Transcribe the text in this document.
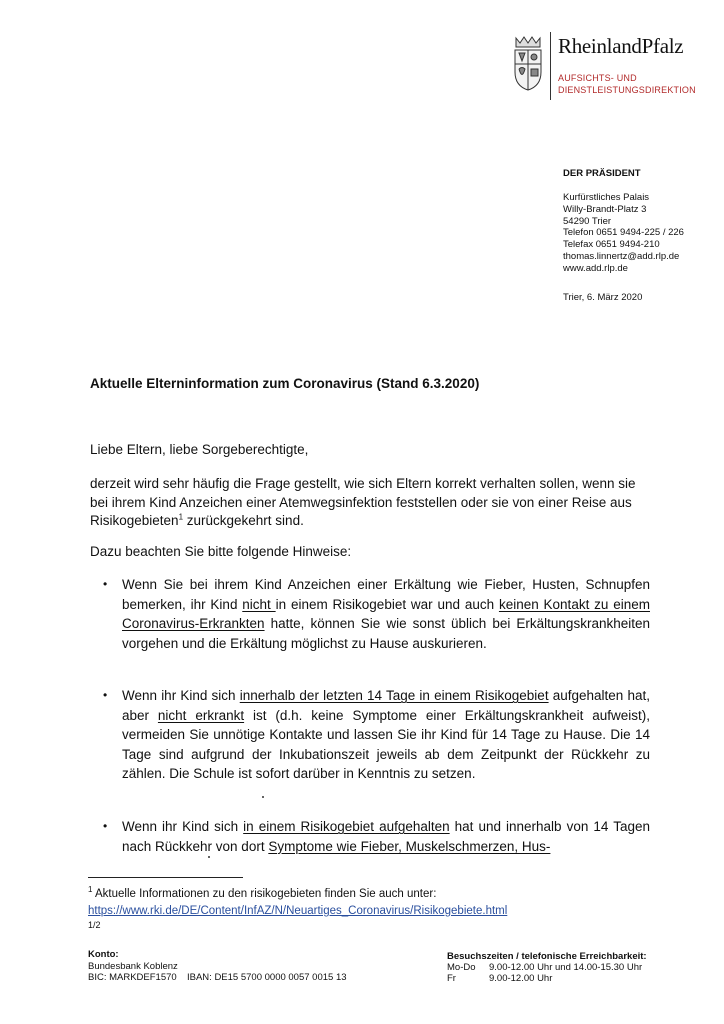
RheinlandPfalz
AUFSICHTS- UND
DIENSTLEISTUNGSDIREKTION
DER PRÄSIDENT
Kurfürstliches Palais
Willy-Brandt-Platz 3
54290 Trier
Telefon 0651 9494-225 / 226
Telefax 0651 9494-210
thomas.linnertz@add.rlp.de
www.add.rlp.de
Trier, 6. März 2020
Aktuelle Elterninformation zum Coronavirus (Stand 6.3.2020)
Liebe Eltern, liebe Sorgeberechtigte,
derzeit wird sehr häufig die Frage gestellt, wie sich Eltern korrekt verhalten sollen, wenn sie bei ihrem Kind Anzeichen einer Atemwegsinfektion feststellen oder sie von einer Reise aus Risikogebieten$^1$ zurückgekehrt sind.
Dazu beachten Sie bitte folgende Hinweise:
• Wenn Sie bei ihrem Kind Anzeichen einer Erkältung wie Fieber, Husten, Schnupfen bemerken, ihr Kind nicht in einem Risikogebiet war und auch keinen Kontakt zu einem Coronavirus-Erkrankten hatte, können Sie wie sonst üblich bei Erkältungskrankheiten vorgehen und die Erkältung möglichst zu Hause auskurieren.
• Wenn ihr Kind sich innerhalb der letzten 14 Tage in einem Risikogebiet aufgehalten hat, aber nicht erkrankt ist (d.h. keine Symptome einer Erkältungskrankheit aufweist), vermeiden Sie unnötige Kontakte und lassen Sie ihr Kind für 14 Tage zu Hause. Die 14 Tage sind aufgrund der Inkubationszeit jeweils ab dem Zeitpunkt der Rückkehr zu zählen. Die Schule ist sofort darüber in Kenntnis zu setzen.
• Wenn ihr Kind sich in einem Risikogebiet aufgehalten hat und innerhalb von 14 Tagen nach Rückkehr von dort Symptome wie Fieber, Muskelschmerzen, Hus-
$^1$ Aktuelle Informationen zu den risikogebieten finden Sie auch unter:
https://www.rki.de/DE/Content/InfAZ/N/Neuartiges_Coronavirus/Risikogebiete.html
1/2
Konto:
Bundesbank Koblenz
BIC: MARKDEF1570 IBAN: DE15 5700 0000 0057 0015 13
Besuchszeiten / telefonische Erreichbarkeit:
Mo-Do 9.00-12.00 Uhr und 14.00-15.30 Uhr
Fr	9.00-12.00 Uhr
